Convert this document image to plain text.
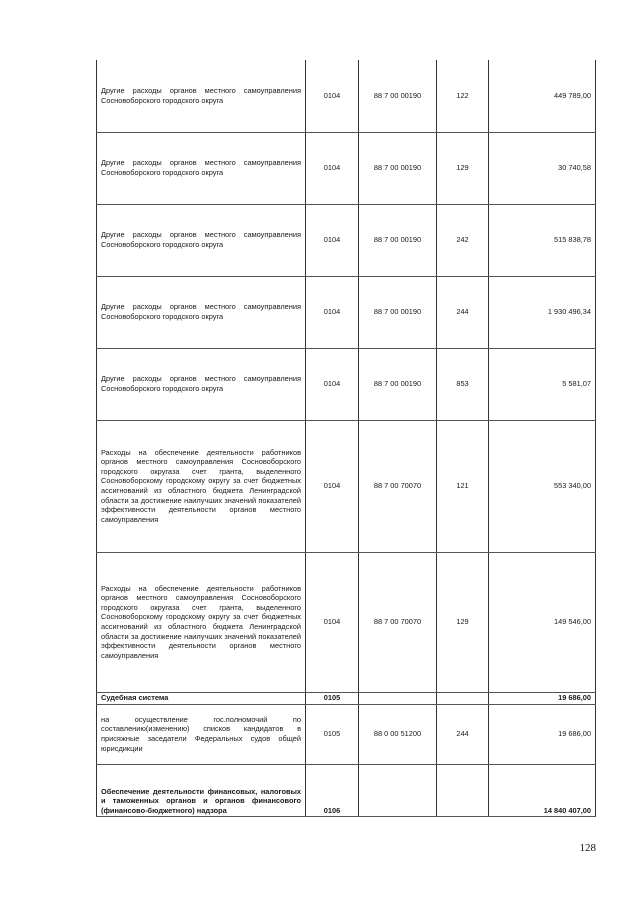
Другие расходы органов местного самоуправления Сосновоборского городского округа	0104	88 7 00 00190	122	449 789,00
Другие расходы органов местного самоуправления Сосновоборского городского округа	0104	88 7 00 00190	129	30 740,58
Другие расходы органов местного самоуправления Сосновоборского городского округа	0104	88 7 00 00190	242	515 838,78
Другие расходы органов местного самоуправления Сосновоборского городского округа	0104	88 7 00 00190	244	1 930 496,34
Другие расходы органов местного самоуправления Сосновоборского городского округа	0104	88 7 00 00190	853	5 581,07
Расходы на обеспечение деятельности работников органов местного самоуправления Сосновоборского городского округаза счет гранта, выделенного Сосновоборскому городскому округу за счет бюджетных ассигнований из областного бюджета Ленинградской области за достижение наилучших значений показателей эффективности деятельности органов местного самоуправления	0104	88 7 00 70070	121	553 340,00
Расходы на обеспечение деятельности работников органов местного самоуправления Сосновоборского городского округаза счет гранта, выделенного Сосновоборскому городскому округу за счет бюджетных ассигнований из областного бюджета Ленинградской области за достижение наилучших значений показателей эффективности деятельности органов местного самоуправления	0104	88 7 00 70070	129	149 546,00
Судебная система	0105			19 686,00
на осуществление гос.полномочий по составлению(изменению) списков кандидатов в присяжные заседатели Федеральных судов общей юрисдикции	0105	88 0 00 51200	244	19 686,00
Обеспечение деятельности финансовых, налоговых и таможенных органов и органов финансового (финансово-бюджетного) надзора	0106			14 840 407,00
128
